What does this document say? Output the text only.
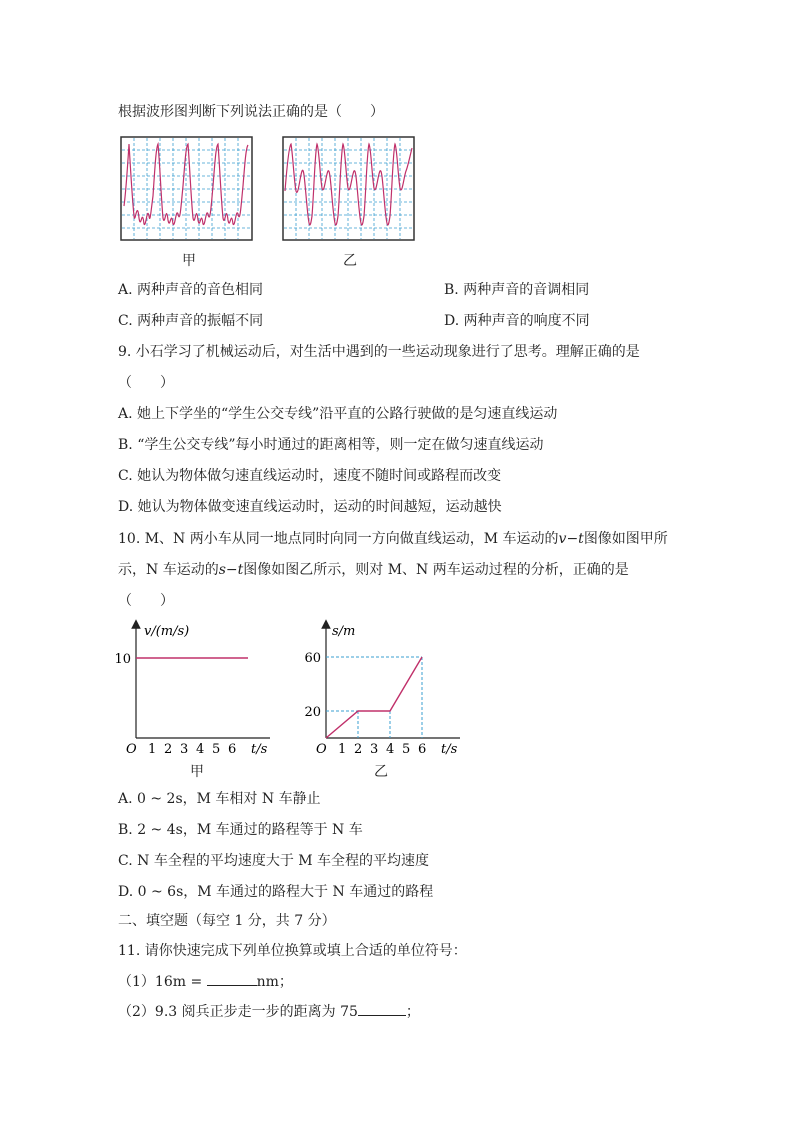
根据波形图判断下列说法正确的是（　　）
甲	乙
A. 两种声音的音色相同	B. 两种声音的音调相同
C. 两种声音的振幅不同	D. 两种声音的响度不同
9. 小石学习了机械运动后，对生活中遇到的一些运动现象进行了思考。理解正确的是
（　　）
A. 她上下学坐的“学生公交专线”沿平直的公路行驶做的是匀速直线运动
B. “学生公交专线”每小时通过的距离相等，则一定在做匀速直线运动
C. 她认为物体做匀速直线运动时，速度不随时间或路程而改变
D. 她认为物体做变速直线运动时，运动的时间越短，运动越快
10. M、N 两小车从同一地点同时向同一方向做直线运动，M 车运动的v−t图像如图甲所
示，N 车运动的s−t图像如图乙所示，则对 M、N 两车运动过程的分析，正确的是
（　　）
v/(m/s)
t/s
O 1 2 3 4 5 6
10
甲
s/m
t/s
O 1 2 3 4 5 6
20
60
乙
A. 0 ~ 2s，M 车相对 N 车静止
B. 2 ~ 4s，M 车通过的路程等于 N 车
C. N 车全程的平均速度大于 M 车全程的平均速度
D. 0 ~ 6s，M 车通过的路程大于 N 车通过的路程
二、填空题（每空 1 分，共 7 分）
11. 请你快速完成下列单位换算或填上合适的单位符号：
（1）16m =	nm；
（2）9.3 阅兵正步走一步的距离为 75	；
